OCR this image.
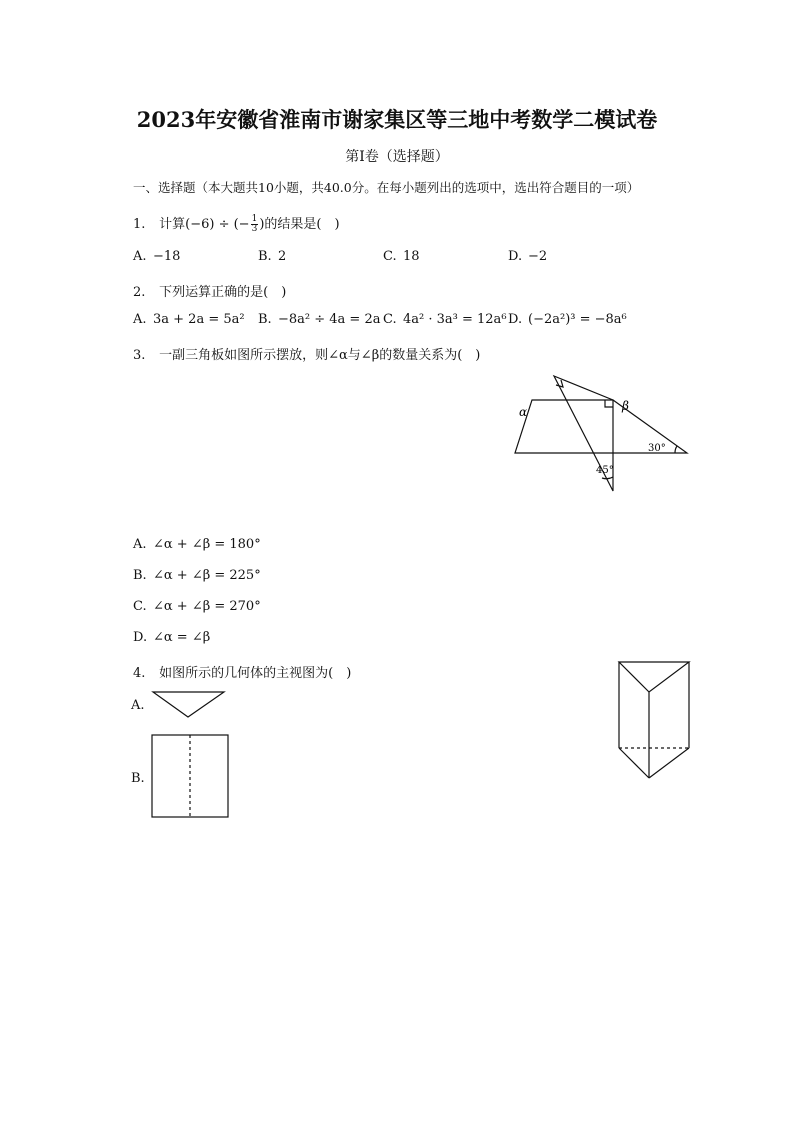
2023年安徽省淮南市谢家集区等三地中考数学二模试卷
第I卷（选择题）
一、选择题（本大题共10小题，共40.0分。在每小题列出的选项中，选出符合题目的一项）
1. 计算(−6) ÷ (− $\frac{1}{3}$ )的结果是(　)
A. −18	B. 2	C. 18	D. −2
2. 下列运算正确的是(　)
A. 3a + 2a = 5a² B. −8a² ÷ 4a = 2a C. 4a² · 3a³ = 12a⁶ D. (−2a²)³ = −8a⁶
3. 一副三角板如图所示摆放，则∠α与∠β的数量关系为(　)
α	β
30°
45°
A. ∠α + ∠β = 180°
B. ∠α + ∠β = 225°
C. ∠α + ∠β = 270°
D. ∠α = ∠β
4. 如图所示的几何体的主视图为(　)
A.
B.
